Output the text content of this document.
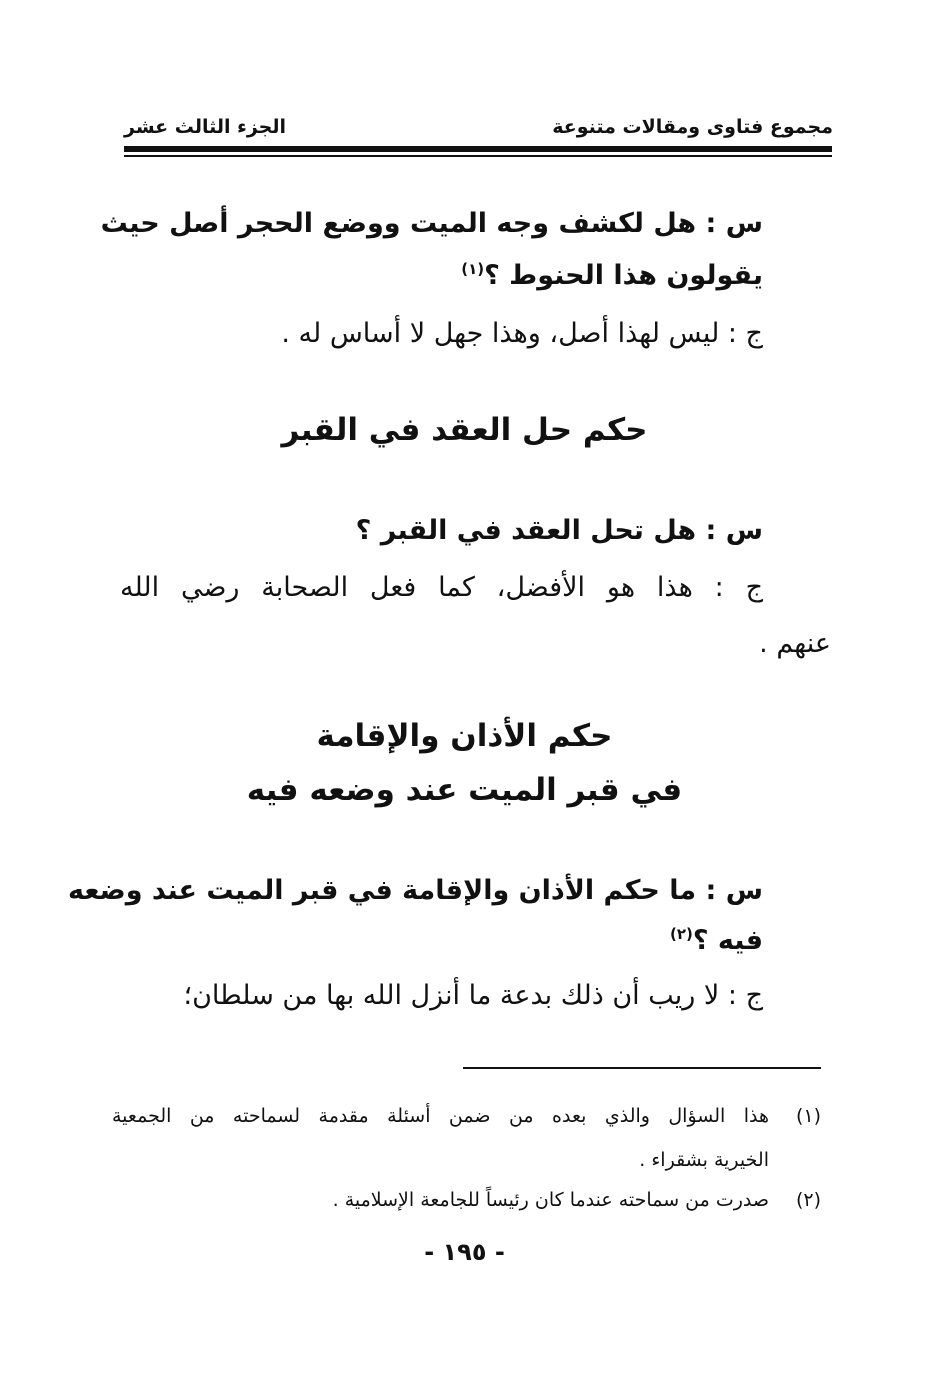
مجموع فتاوى ومقالات متنوعة
الجزء الثالث عشر
س : هل لكشف وجه الميت ووضع الحجر أصل حيث
يقولون هذا الحنوط ؟$^{(١)}$
ج : ليس لهذا أصل، وهذا جهل لا أساس له .
حكم حل العقد في القبر
س : هل تحل العقد في القبر ؟
ج : هذا هو الأفضل، كما فعل الصحابة رضي الله
عنهم .
حكم الأذان والإقامة
في قبر الميت عند وضعه فيه
س : ما حكم الأذان والإقامة في قبر الميت عند وضعه
فيه ؟$^{(٢)}$
ج : لا ريب أن ذلك بدعة ما أنزل الله بها من سلطان؛
(١)
هذا السؤال والذي بعده من ضمن أسئلة مقدمة لسماحته من الجمعية
الخيرية بشقراء .
(٢)
صدرت من سماحته عندما كان رئيساً للجامعة الإسلامية .
- ١٩٥ -
